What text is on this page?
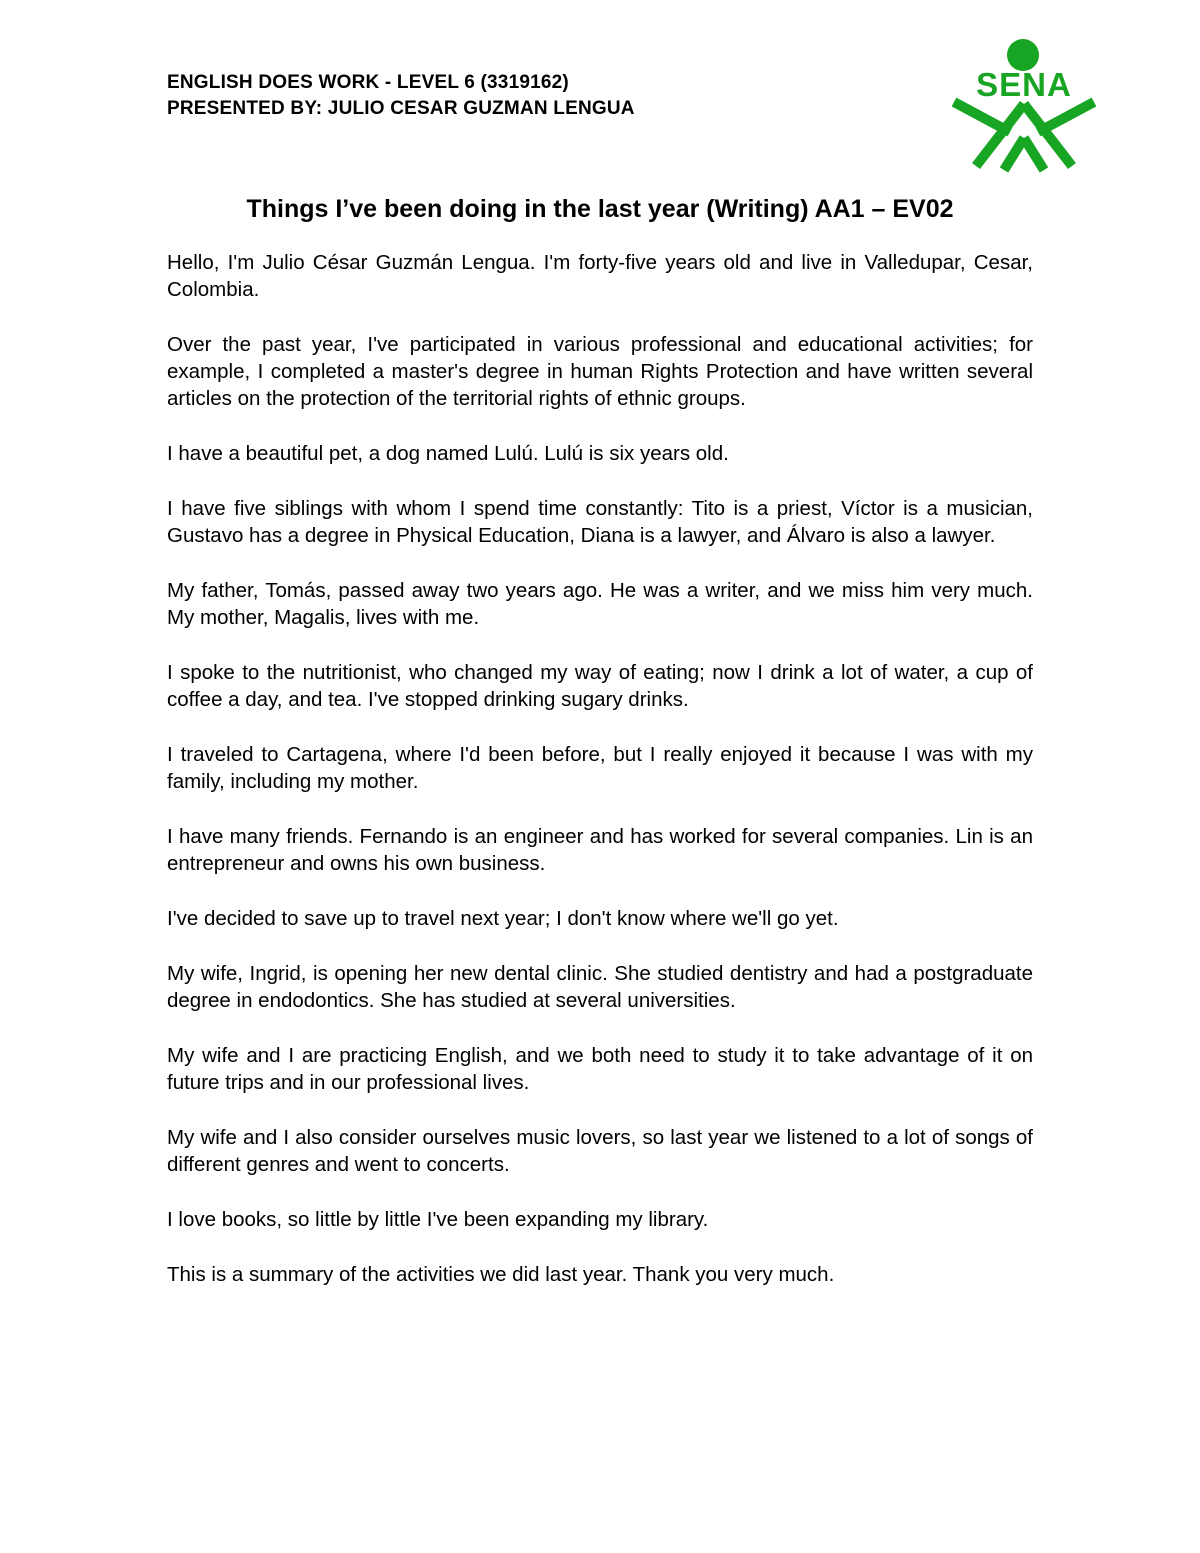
ENGLISH DOES WORK - LEVEL 6 (3319162)
PRESENTED BY: JULIO CESAR GUZMAN LENGUA
SENA
Things I’ve been doing in the last year (Writing) AA1 – EV02

Hello, I'm Julio César Guzmán Lengua. I'm forty-five years old and live in Valledupar, Cesar, Colombia.

Over the past year, I've participated in various professional and educational activities; for example, I completed a master's degree in human Rights Protection and have written several articles on the protection of the territorial rights of ethnic groups.

I have a beautiful pet, a dog named Lulú. Lulú is six years old.

I have five siblings with whom I spend time constantly: Tito is a priest, Víctor is a musician, Gustavo has a degree in Physical Education, Diana is a lawyer, and Álvaro is also a lawyer.

My father, Tomás, passed away two years ago. He was a writer, and we miss him very much. My mother, Magalis, lives with me.

I spoke to the nutritionist, who changed my way of eating; now I drink a lot of water, a cup of coffee a day, and tea. I've stopped drinking sugary drinks.

I traveled to Cartagena, where I'd been before, but I really enjoyed it because I was with my family, including my mother.

I have many friends. Fernando is an engineer and has worked for several companies. Lin is an entrepreneur and owns his own business.

I've decided to save up to travel next year; I don't know where we'll go yet.

My wife, Ingrid, is opening her new dental clinic. She studied dentistry and had a postgraduate degree in endodontics. She has studied at several universities.

My wife and I are practicing English, and we both need to study it to take advantage of it on future trips and in our professional lives.

My wife and I also consider ourselves music lovers, so last year we listened to a lot of songs of different genres and went to concerts.

I love books, so little by little I've been expanding my library.

This is a summary of the activities we did last year. Thank you very much.
